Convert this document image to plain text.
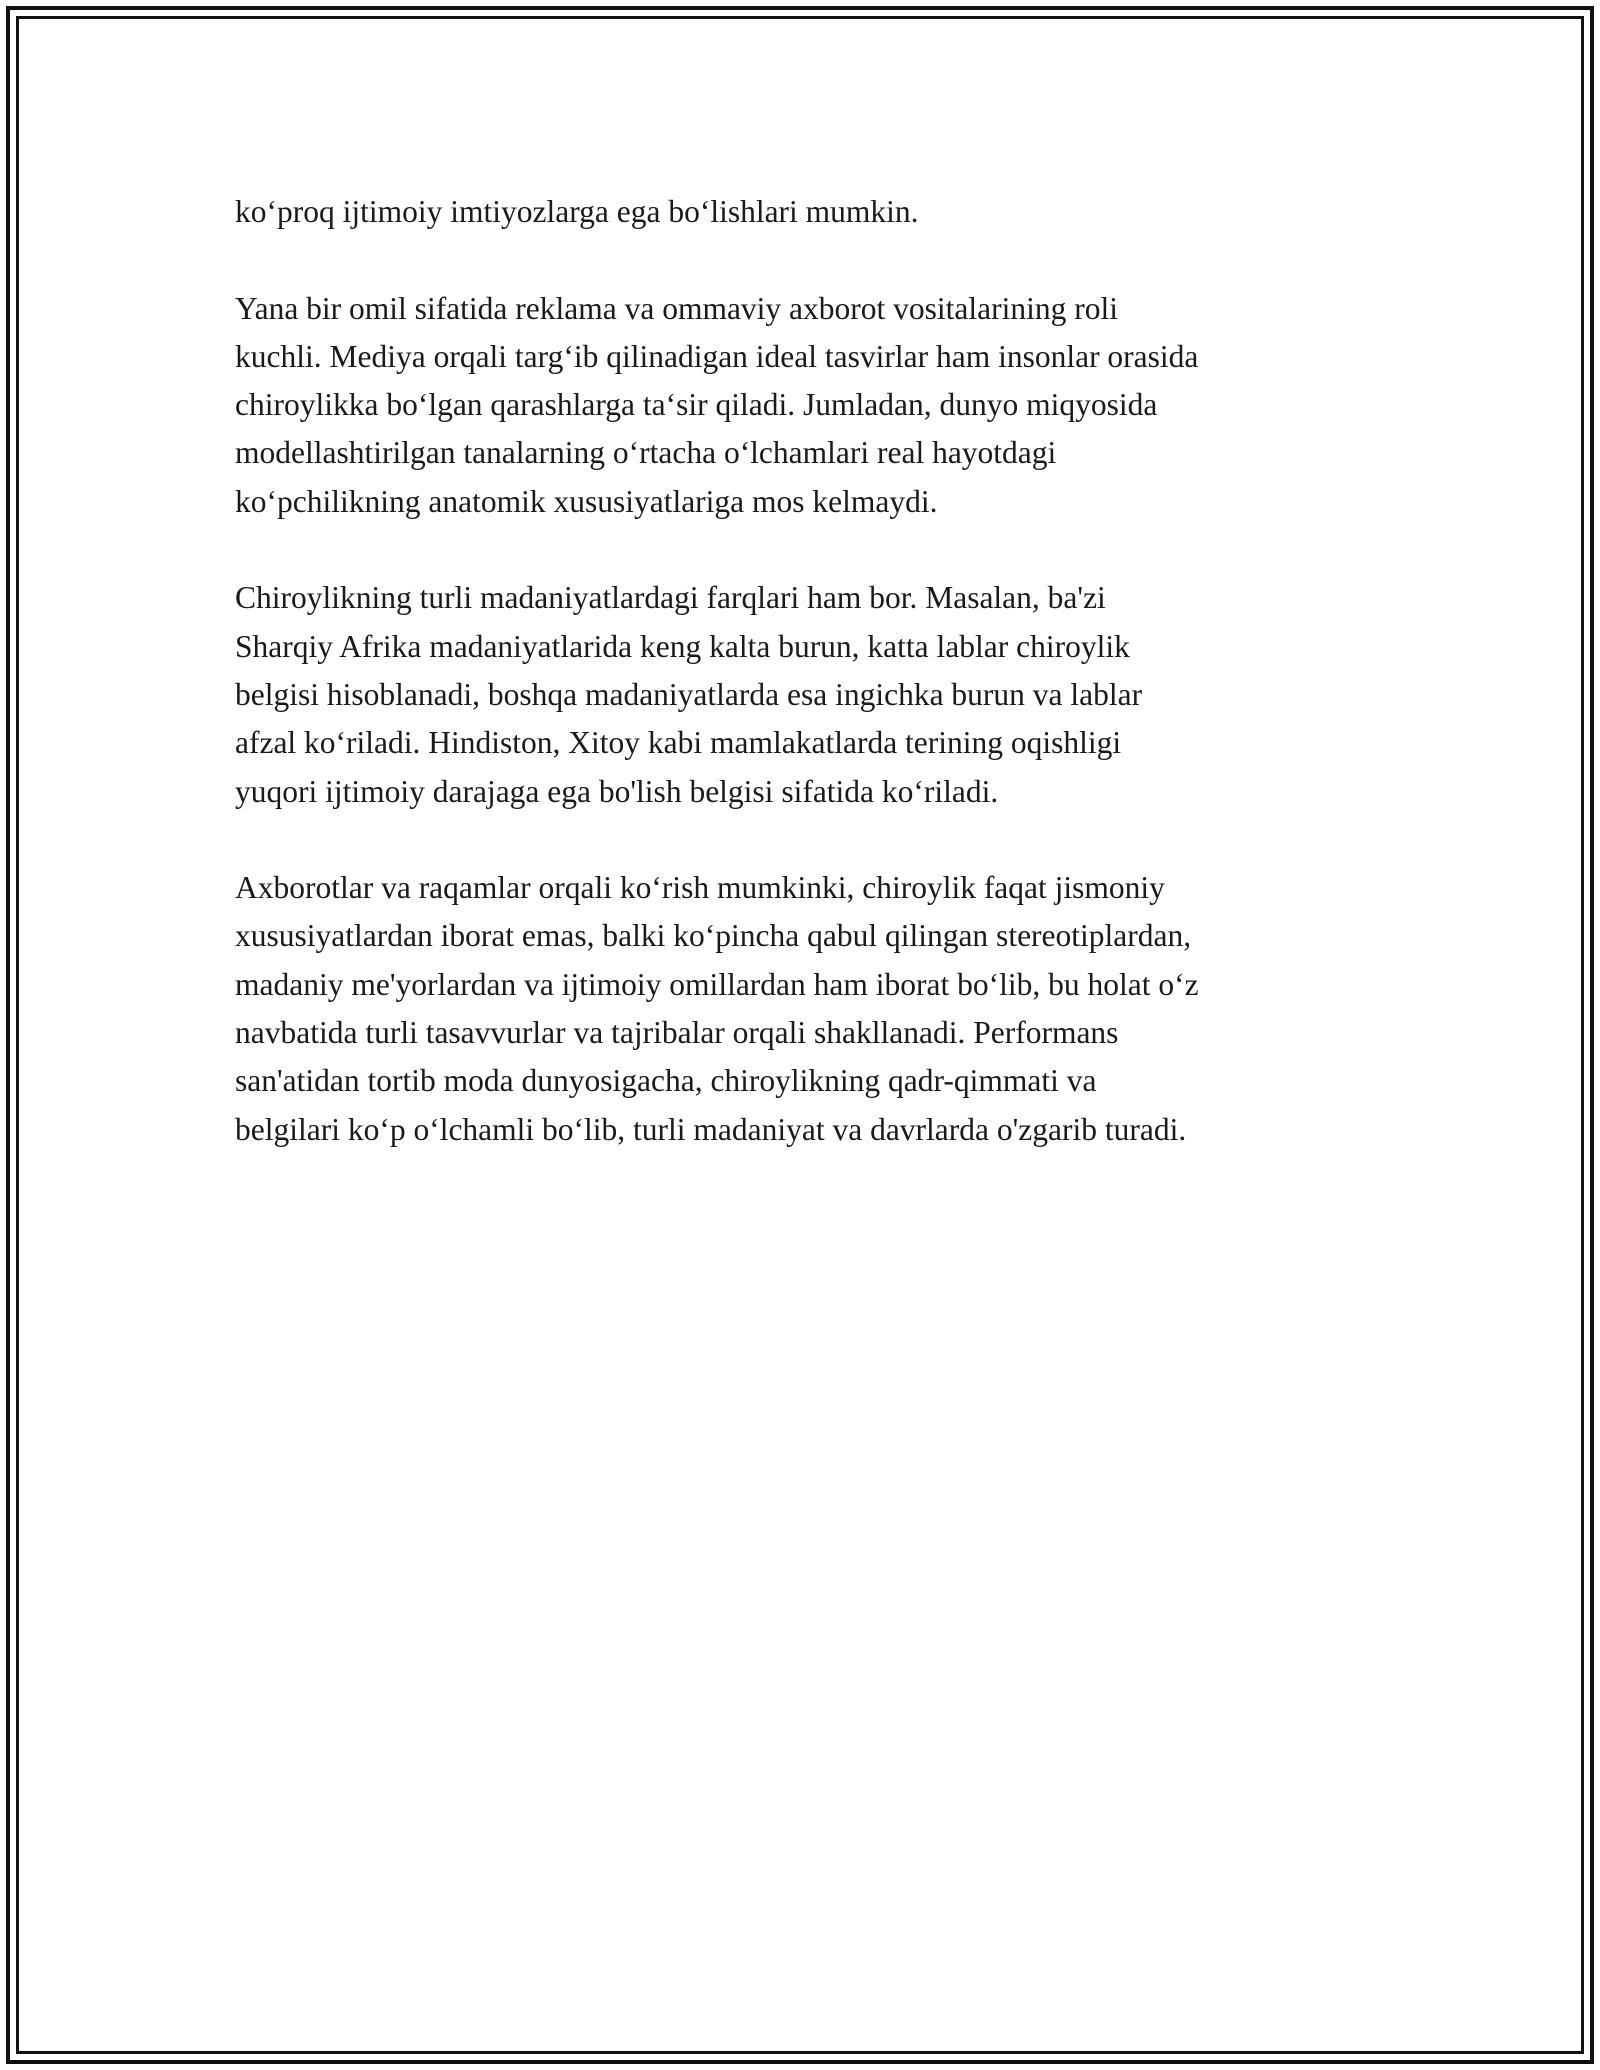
ko‘proq ijtimoiy imtiyozlarga ega bo‘lishlari mumkin.

Yana bir omil sifatida reklama va ommaviy axborot vositalarining roli
kuchli. Mediya orqali targ‘ib qilinadigan ideal tasvirlar ham insonlar orasida
chiroylikka bo‘lgan qarashlarga ta‘sir qiladi. Jumladan, dunyo miqyosida
modellashtirilgan tanalarning o‘rtacha o‘lchamlari real hayotdagi
ko‘pchilikning anatomik xususiyatlariga mos kelmaydi.

Chiroylikning turli madaniyatlardagi farqlari ham bor. Masalan, ba'zi
Sharqiy Afrika madaniyatlarida keng kalta burun, katta lablar chiroylik
belgisi hisoblanadi, boshqa madaniyatlarda esa ingichka burun va lablar
afzal ko‘riladi. Hindiston, Xitoy kabi mamlakatlarda terining oqishligi
yuqori ijtimoiy darajaga ega bo'lish belgisi sifatida ko‘riladi.

Axborotlar va raqamlar orqali ko‘rish mumkinki, chiroylik faqat jismoniy
xususiyatlardan iborat emas, balki ko‘pincha qabul qilingan stereotiplardan,
madaniy me'yorlardan va ijtimoiy omillardan ham iborat bo‘lib, bu holat o‘z
navbatida turli tasavvurlar va tajribalar orqali shakllanadi. Performans
san'atidan tortib moda dunyosigacha, chiroylikning qadr-qimmati va
belgilari ko‘p o‘lchamli bo‘lib, turli madaniyat va davrlarda o'zgarib turadi.
